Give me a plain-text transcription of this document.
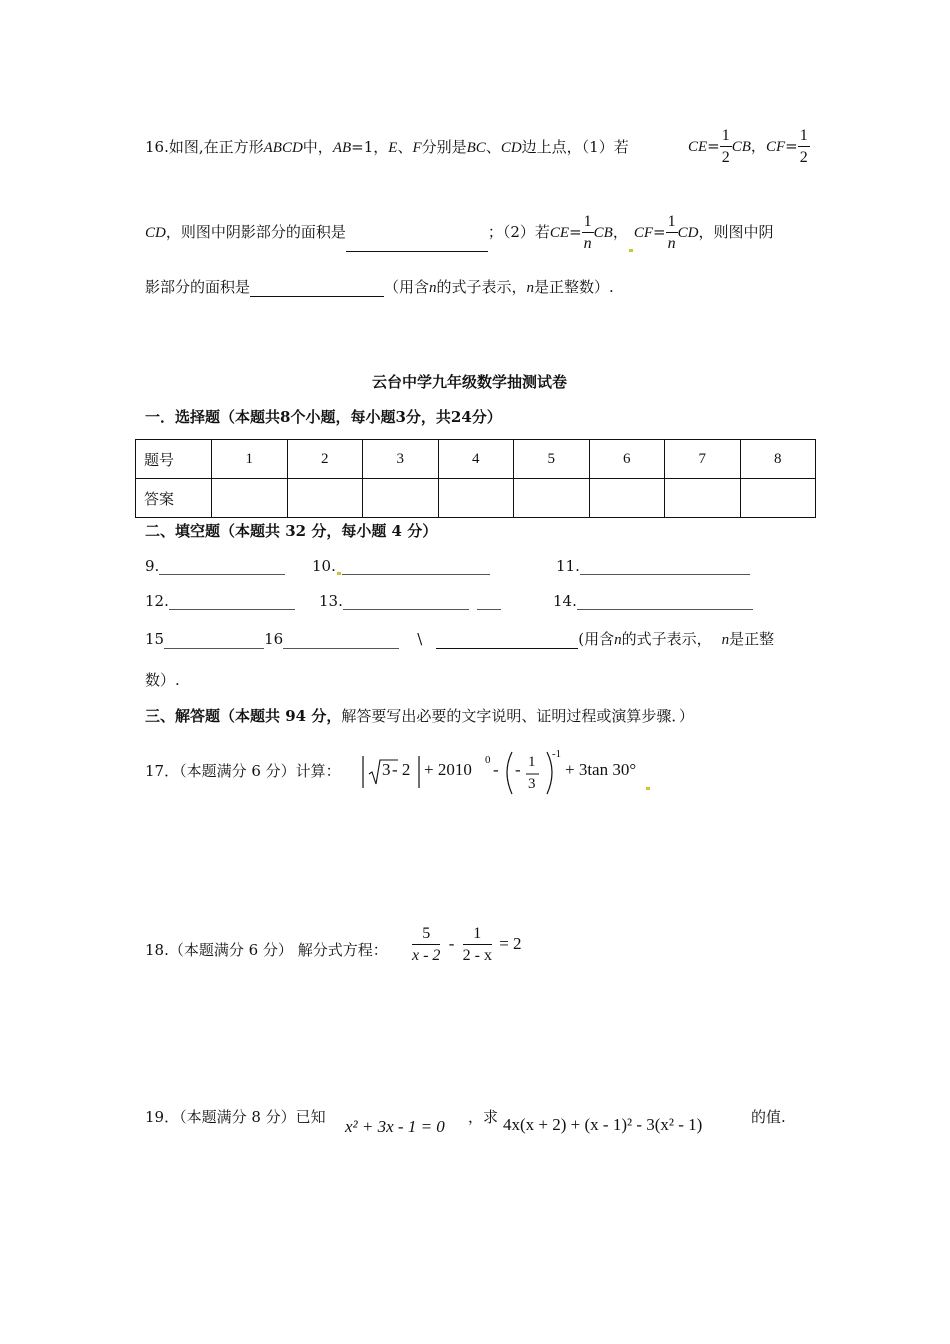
16.如图,在正方形ABCD中，AB=1，E、F分别是BC、CD边上点，（1）若	$CE= \frac{1}{2}$ CB，$CF= \frac{1}{2}$
CD，则图中阴影部分的面积是	；（2）若$CE= \frac{1}{n}$ CB， $CF= \frac{1}{n}$ CD，则图中阴
影部分的面积是	（用含n的式子表示，n是正整数）.
云台中学九年级数学抽测试卷
一．选择题（本题共8个小题，每小题3分，共24分）
题号	1	2	3	4	5	6	7	8
答案								
二、填空题（本题共 32 分，每小题 4 分）
9.	10.	11.
12.	13.	14.
15	16	\	(用含n的式子表示， n是正整
数）.
三、解答题（本题共 94 分，解答要写出必要的文字说明、证明过程或演算步骤．）
17．（本题满分 6 分）计算： 3 - 2 + 2010 0 - - 1
3
-1
+ 3tan 30°
18.（本题满分 6 分） 解分式方程： $\frac{5}{x - 2} - \frac{1}{2 - x} = 2$
19．（本题满分 8 分）已知 x² + 3x - 1 = 0 ，求 4x(x + 2) + (x - 1)² - 3(x² - 1)	的值.
